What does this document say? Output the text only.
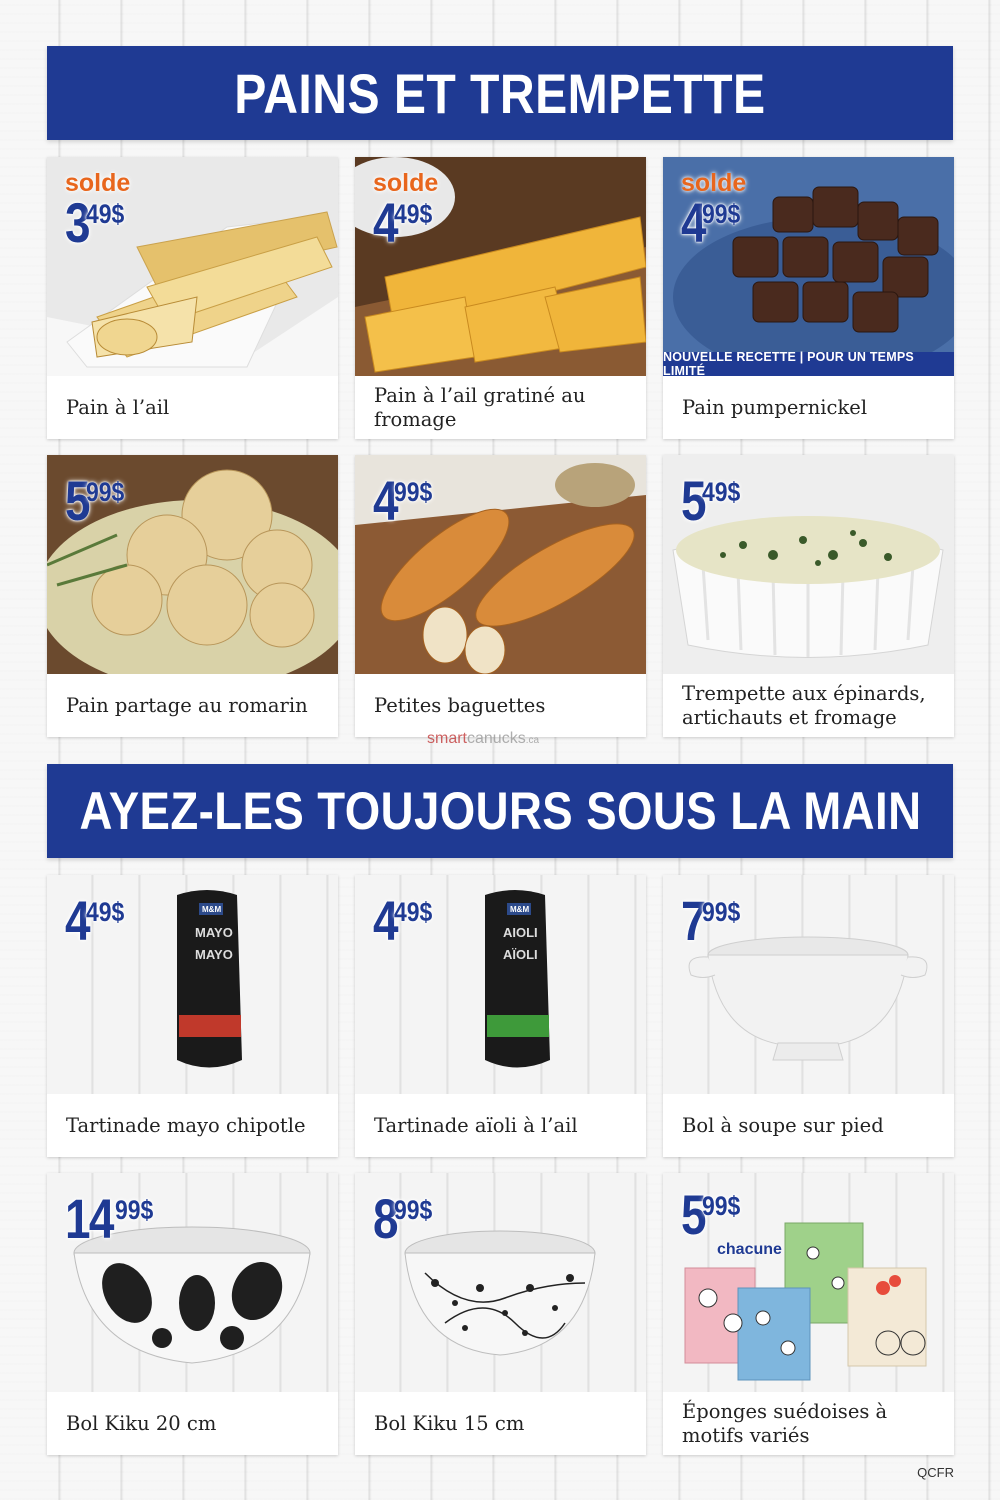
PAINS ET TREMPETTE
AYEZ-LES TOUJOURS SOUS LA MAIN
solde
3
49$
Pain à l’ail
solde
4
49$
Pain à l’ail gratiné au fromage
solde
4
99$
NOUVELLE RECETTE | POUR UN TEMPS LIMITÉ
Pain pumpernickel
5
99$
Pain partage au romarin
4
99$
Petites baguettes
5
49$
Trempette aux épinards, artichauts et fromage
smartcanucks.ca
M&M
MAYO
MAYO
4
49$
Tartinade mayo chipotle
M&M
AIOLI
AÏOLI
4
49$
Tartinade aïoli à l’ail
7
99$
Bol à soupe sur pied
14 99$
Bol Kiku 20 cm
8
99$
Bol Kiku 15 cm
5
99$
chacune
Éponges suédoises à motifs variés
QCFR
